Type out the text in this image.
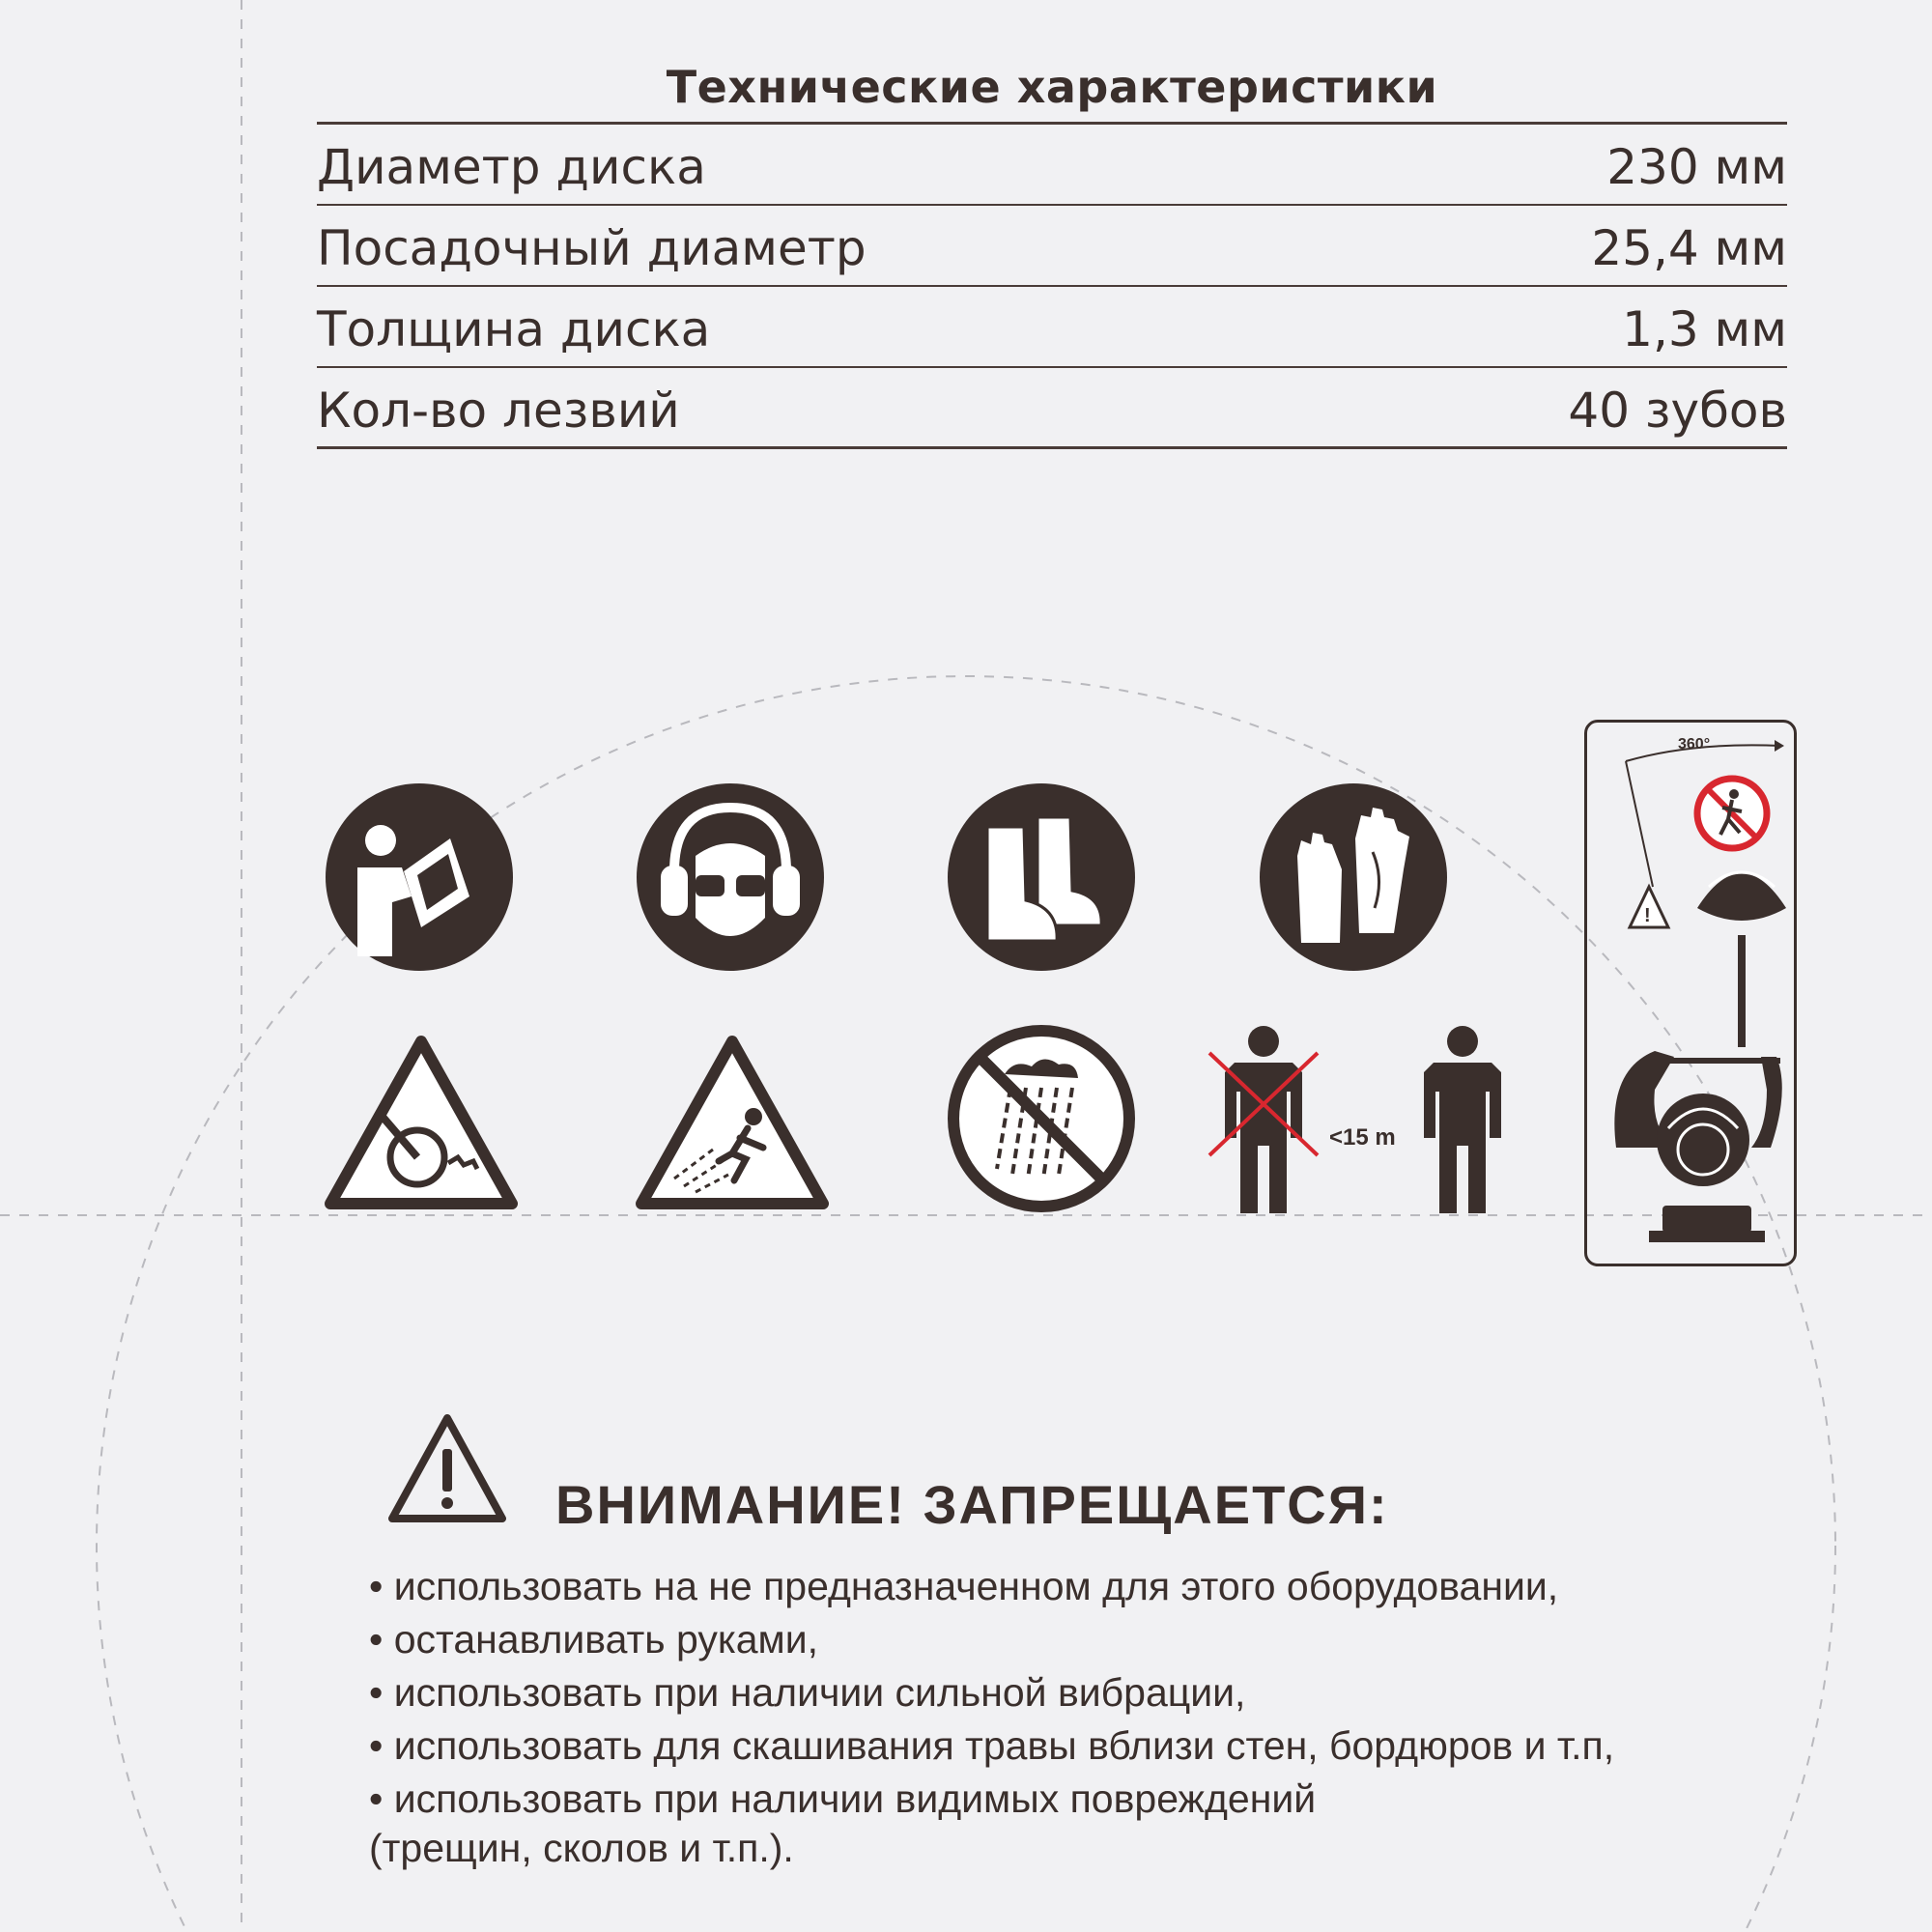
Технические характеристики
Диаметр диска	230 мм
Посадочный диаметр	25,4 мм
Толщина диска	1,3 мм
Кол-во лезвий	40 зубов
<15 m
360°
!
ВНИМАНИЕ! ЗАПРЕЩАЕТСЯ:
• использовать на не предназначенном для этого оборудовании,
• останавливать руками,
• использовать при наличии сильной вибрации,
• использовать для скашивания травы вблизи стен, бордюров и т.п,
• использовать при наличии видимых повреждений
(трещин, сколов и т.п.).
